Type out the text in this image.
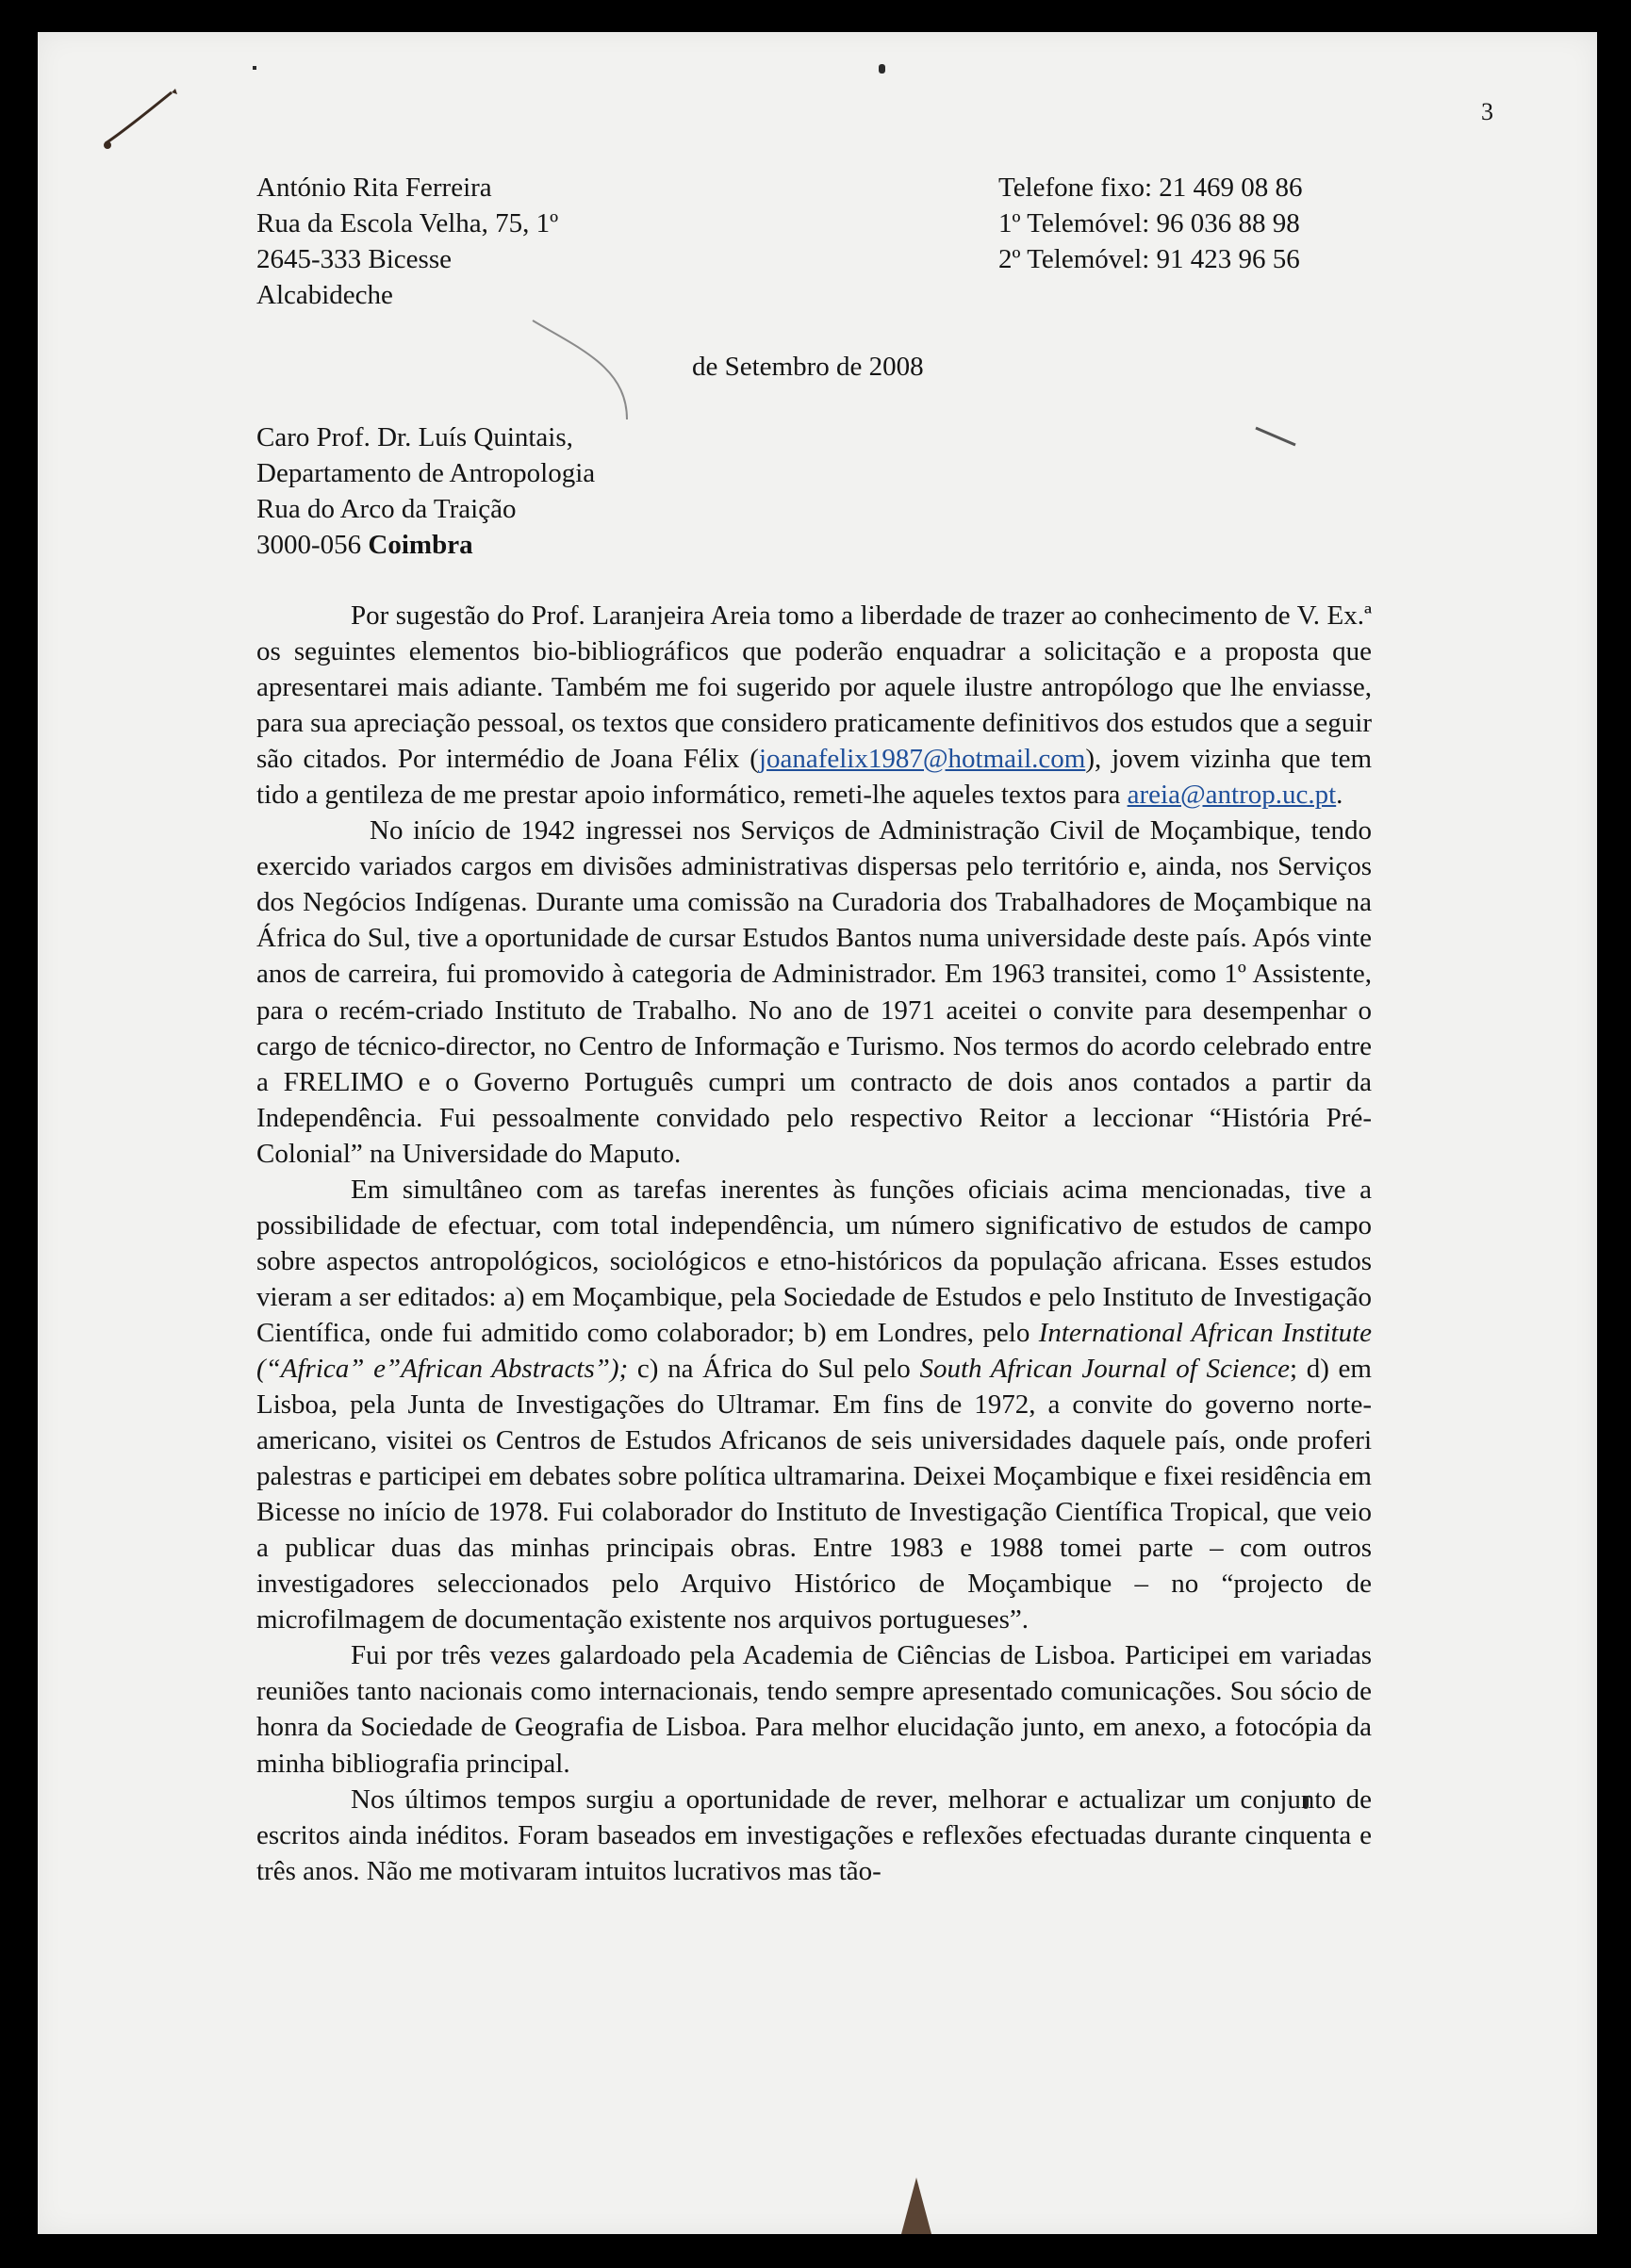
3
António Rita Ferreira
Rua da Escola Velha, 75, 1º
2645-333 Bicesse
Alcabideche
Telefone fixo: 21 469 08 86
1º Telemóvel: 96 036 88 98
2º Telemóvel: 91 423 96 56
de Setembro de 2008
Caro Prof. Dr. Luís Quintais,
Departamento de Antropologia
Rua do Arco da Traição
3000-056 Coimbra

Por sugestão do Prof. Laranjeira Areia tomo a liberdade de trazer ao conhecimento de V. Ex.ª os seguintes elementos bio-bibliográficos que poderão enquadrar a solicitação e a proposta que apresentarei mais adiante. Também me foi sugerido por aquele ilustre antropólogo que lhe enviasse, para sua apreciação pessoal, os textos que considero praticamente definitivos dos estudos que a seguir são citados. Por intermédio de Joana Félix (joanafelix1987@hotmail.com), jovem vizinha que tem tido a gentileza de me prestar apoio informático, remeti-lhe aqueles textos para areia@antrop.uc.pt.

No início de 1942 ingressei nos Serviços de Administração Civil de Moçambique, tendo exercido variados cargos em divisões administrativas dispersas pelo território e, ainda, nos Serviços dos Negócios Indígenas. Durante uma comissão na Curadoria dos Trabalhadores de Moçambique na África do Sul, tive a oportunidade de cursar Estudos Bantos numa universidade deste país. Após vinte anos de carreira, fui promovido à categoria de Administrador. Em 1963 transitei, como 1º Assistente, para o recém-criado Instituto de Trabalho. No ano de 1971 aceitei o convite para desempenhar o cargo de técnico-director, no Centro de Informação e Turismo. Nos termos do acordo celebrado entre a FRELIMO e o Governo Português cumpri um contracto de dois anos contados a partir da Independência. Fui pessoalmente convidado pelo respectivo Reitor a leccionar “História Pré-Colonial” na Universidade do Maputo.

Em simultâneo com as tarefas inerentes às funções oficiais acima mencionadas, tive a possibilidade de efectuar, com total independência, um número significativo de estudos de campo sobre aspectos antropológicos, sociológicos e etno-históricos da população africana. Esses estudos vieram a ser editados: a) em Moçambique, pela Sociedade de Estudos e pelo Instituto de Investigação Científica, onde fui admitido como colaborador; b) em Londres, pelo International African Institute (“Africa” e”African Abstracts”); c) na África do Sul pelo South African Journal of Science; d) em Lisboa, pela Junta de Investigações do Ultramar. Em fins de 1972, a convite do governo norte-americano, visitei os Centros de Estudos Africanos de seis universidades daquele país, onde proferi palestras e participei em debates sobre política ultramarina. Deixei Moçambique e fixei residência em Bicesse no início de 1978. Fui colaborador do Instituto de Investigação Científica Tropical, que veio a publicar duas das minhas principais obras. Entre 1983 e 1988 tomei parte – com outros investigadores seleccionados pelo Arquivo Histórico de Moçambique – no “projecto de microfilmagem de documentação existente nos arquivos portugueses”.

Fui por três vezes galardoado pela Academia de Ciências de Lisboa. Participei em variadas reuniões tanto nacionais como internacionais, tendo sempre apresentado comunicações. Sou sócio de honra da Sociedade de Geografia de Lisboa. Para melhor elucidação junto, em anexo, a fotocópia da minha bibliografia principal.

Nos últimos tempos surgiu a oportunidade de rever, melhorar e actualizar um conjunto de escritos ainda inéditos. Foram baseados em investigações e reflexões efectuadas durante cinquenta e três anos. Não me motivaram intuitos lucrativos mas tão-
